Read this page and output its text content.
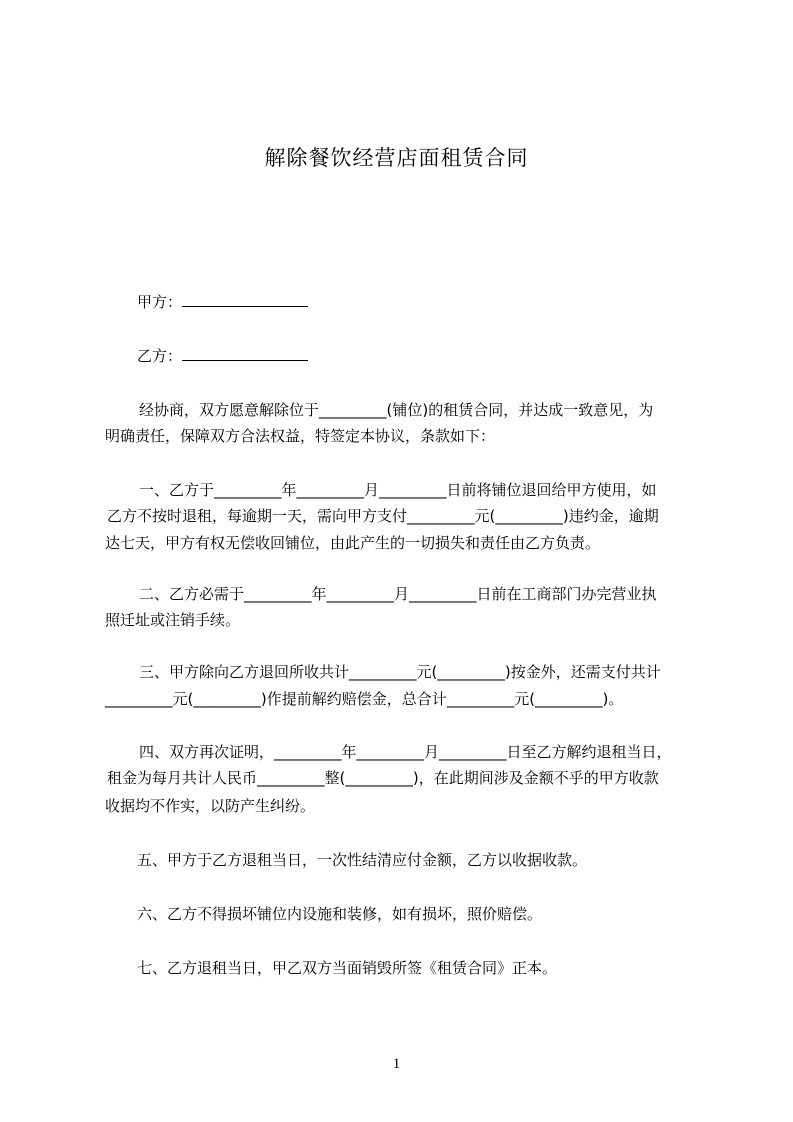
解除餐饮经营店面租赁合同
甲方：
乙方：
经协商，双方愿意解除位于_________(铺位)的租赁合同，并达成一致意见，为
明确责任，保障双方合法权益，特签定本协议，条款如下：
一、乙方于_________年_________月_________日前将铺位退回给甲方使用，如
乙方不按时退租，每逾期一天，需向甲方支付_________元(_________)违约金，逾期
达七天，甲方有权无偿收回铺位，由此产生的一切损失和责任由乙方负责。
二、乙方必需于_________年_________月_________日前在工商部门办完营业执
照迁址或注销手续。
三、甲方除向乙方退回所收共计_________元(_________)按金外，还需支付共计
_________元(_________)作提前解约赔偿金，总合计_________元(_________)。
四、双方再次证明，_________年_________月_________日至乙方解约退租当日，
租金为每月共计人民币_________整(_________)，在此期间涉及金额不乎的甲方收款
收据均不作实，以防产生纠纷。
五、甲方于乙方退租当日，一次性结清应付金额，乙方以收据收款。
六、乙方不得损坏铺位内设施和装修，如有损坏，照价赔偿。
七、乙方退租当日，甲乙双方当面销毁所签《租赁合同》正本。
1
